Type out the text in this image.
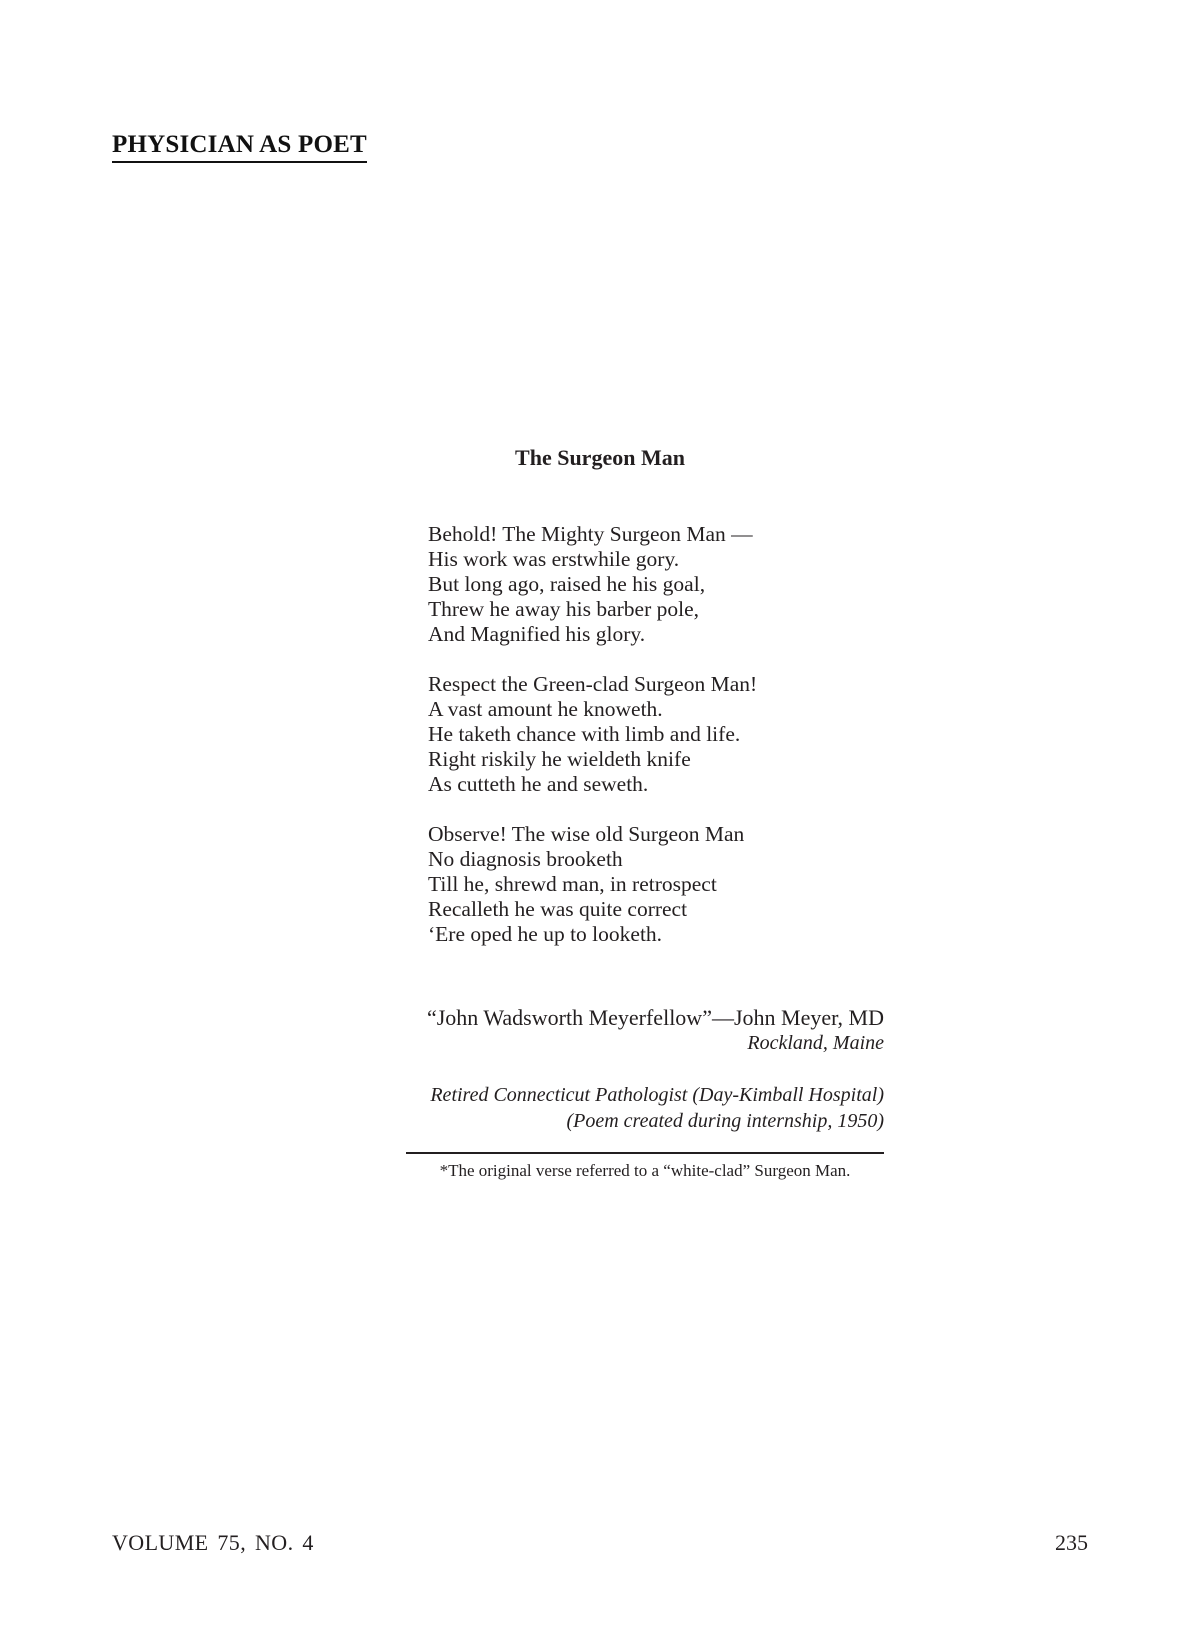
PHYSICIAN AS POET
The Surgeon Man

Behold! The Mighty Surgeon Man —
His work was erstwhile gory.
But long ago, raised he his goal,
Threw he away his barber pole,
And Magnified his glory.

Respect the Green-clad Surgeon Man!
A vast amount he knoweth.
He taketh chance with limb and life.
Right riskily he wieldeth knife
As cutteth he and seweth.

Observe! The wise old Surgeon Man
No diagnosis brooketh
Till he, shrewd man, in retrospect
Recalleth he was quite correct
‘Ere oped he up to looketh.

“John Wadsworth Meyerfellow”—John Meyer, MD
Rockland, Maine
Retired Connecticut Pathologist (Day-Kimball Hospital)
(Poem created during internship, 1950)
*The original verse referred to a “white-clad” Surgeon Man.
VOLUME 75, NO. 4	235
